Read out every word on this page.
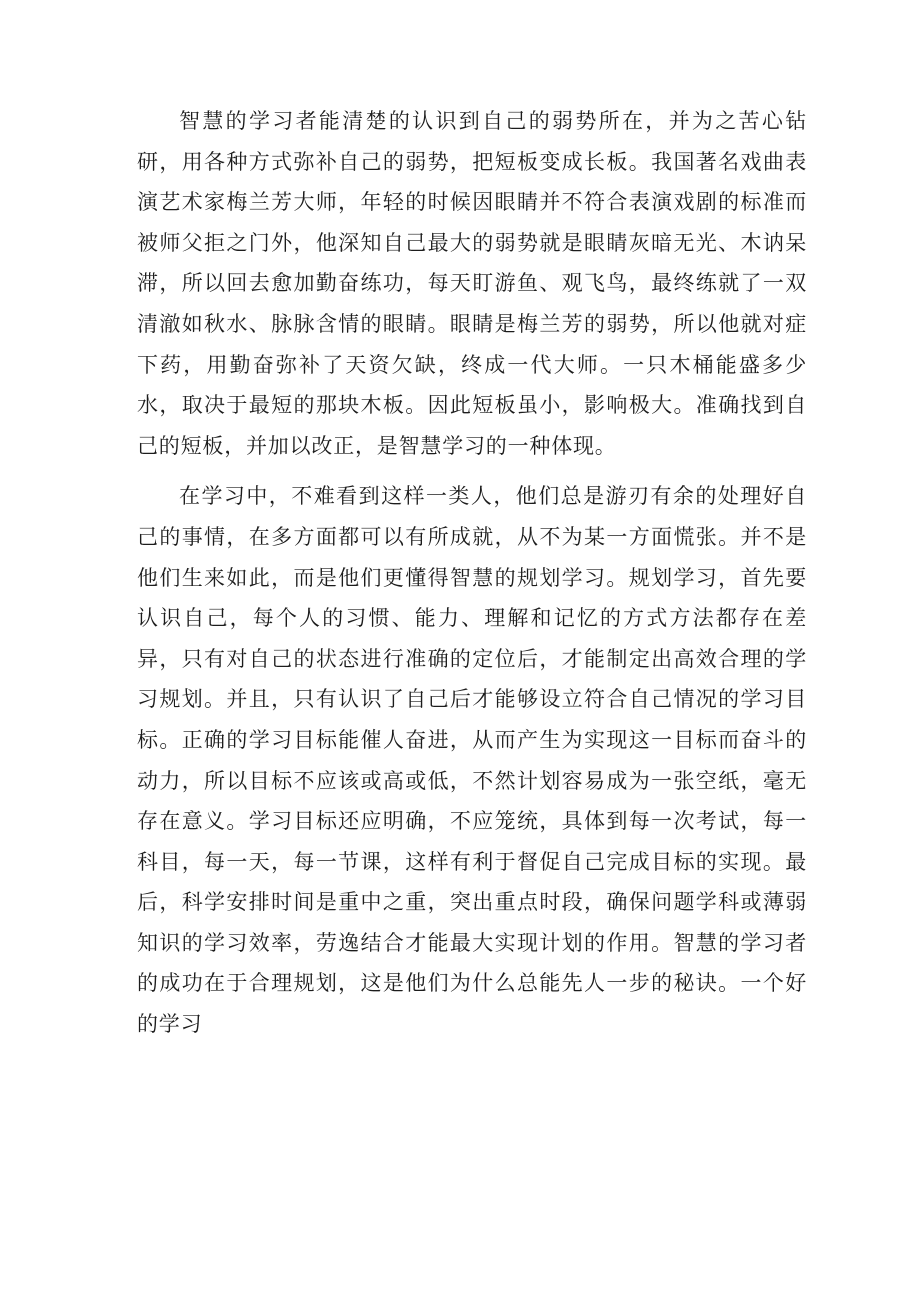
智慧的学习者能清楚的认识到自己的弱势所在，并为之苦心钻研，用各种方式弥补自己的弱势，把短板变成长板。我国著名戏曲表演艺术家梅兰芳大师，年轻的时候因眼睛并不符合表演戏剧的标准而被师父拒之门外，他深知自己最大的弱势就是眼睛灰暗无光、木讷呆滞，所以回去愈加勤奋练功，每天盯游鱼、观飞鸟，最终练就了一双清澈如秋水、脉脉含情的眼睛。眼睛是梅兰芳的弱势，所以他就对症下药，用勤奋弥补了天资欠缺，终成一代大师。一只木桶能盛多少水，取决于最短的那块木板。因此短板虽小，影响极大。准确找到自己的短板，并加以改正，是智慧学习的一种体现。

在学习中，不难看到这样一类人，他们总是游刃有余的处理好自己的事情，在多方面都可以有所成就，从不为某一方面慌张。并不是他们生来如此，而是他们更懂得智慧的规划学习。规划学习，首先要认识自己，每个人的习惯、能力、理解和记忆的方式方法都存在差异，只有对自己的状态进行准确的定位后，才能制定出高效合理的学习规划。并且，只有认识了自己后才能够设立符合自己情况的学习目标。正确的学习目标能催人奋进，从而产生为实现这一目标而奋斗的动力，所以目标不应该或高或低，不然计划容易成为一张空纸，毫无存在意义。学习目标还应明确，不应笼统，具体到每一次考试，每一科目，每一天，每一节课，这样有利于督促自己完成目标的实现。最后，科学安排时间是重中之重，突出重点时段，确保问题学科或薄弱知识的学习效率，劳逸结合才能最大实现计划的作用。智慧的学习者的成功在于合理规划，这是他们为什么总能先人一步的秘诀。一个好的学习
